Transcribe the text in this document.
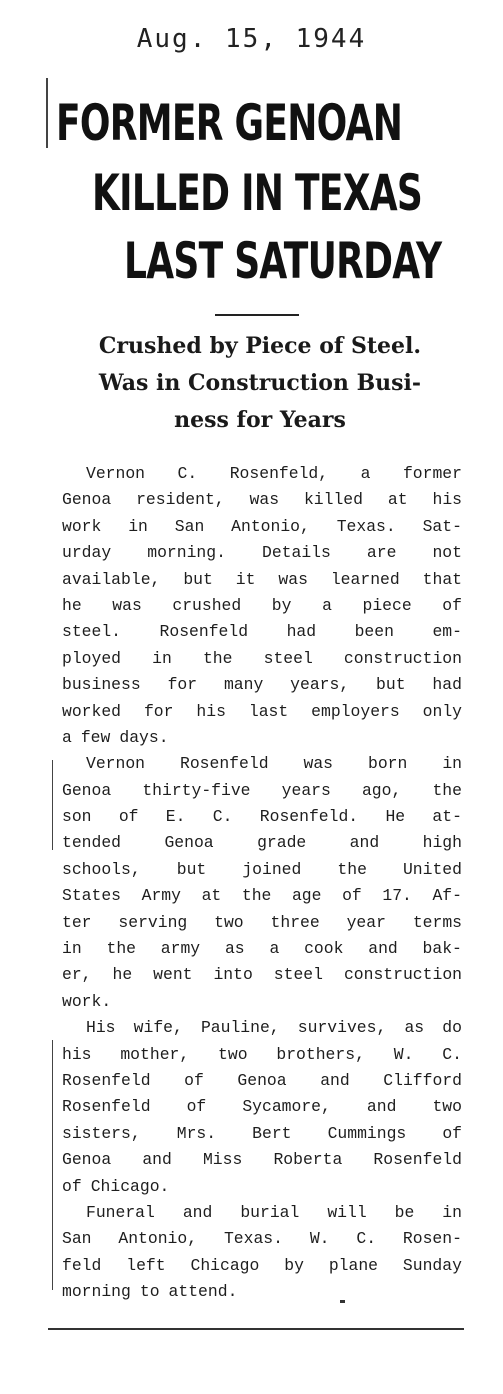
Aug. 15, 1944
FORMER GENOAN
KILLED IN TEXAS
LAST SATURDAY
Crushed by Piece of Steel.
Was in Construction Busi-
ness for Years
Vernon C. Rosenfeld, a former
Genoa resident, was killed at his
work in San Antonio, Texas. Sat-
urday morning. Details are not
available, but it was learned that
he was crushed by a piece of
steel. Rosenfeld had been em-
ployed in the steel construction
business for many years, but had
worked for his last employers only
a few days.
Vernon Rosenfeld was born in
Genoa thirty-five years ago, the
son of E. C. Rosenfeld. He at-
tended	Genoa	grade	and	high
schools, but joined the United
States Army at the age of 17. Af-
ter serving two three year terms
in the army as a cook and bak-
er, he went into steel construction
work.
His wife, Pauline, survives, as do
his mother, two brothers, W. C.
Rosenfeld of Genoa and Clifford
Rosenfeld of Sycamore, and two
sisters, Mrs. Bert Cummings of
Genoa and Miss Roberta Rosenfeld
of Chicago.
Funeral and burial will be in
San Antonio, Texas. W. C. Rosen-
feld left Chicago by plane Sunday
morning to attend.
